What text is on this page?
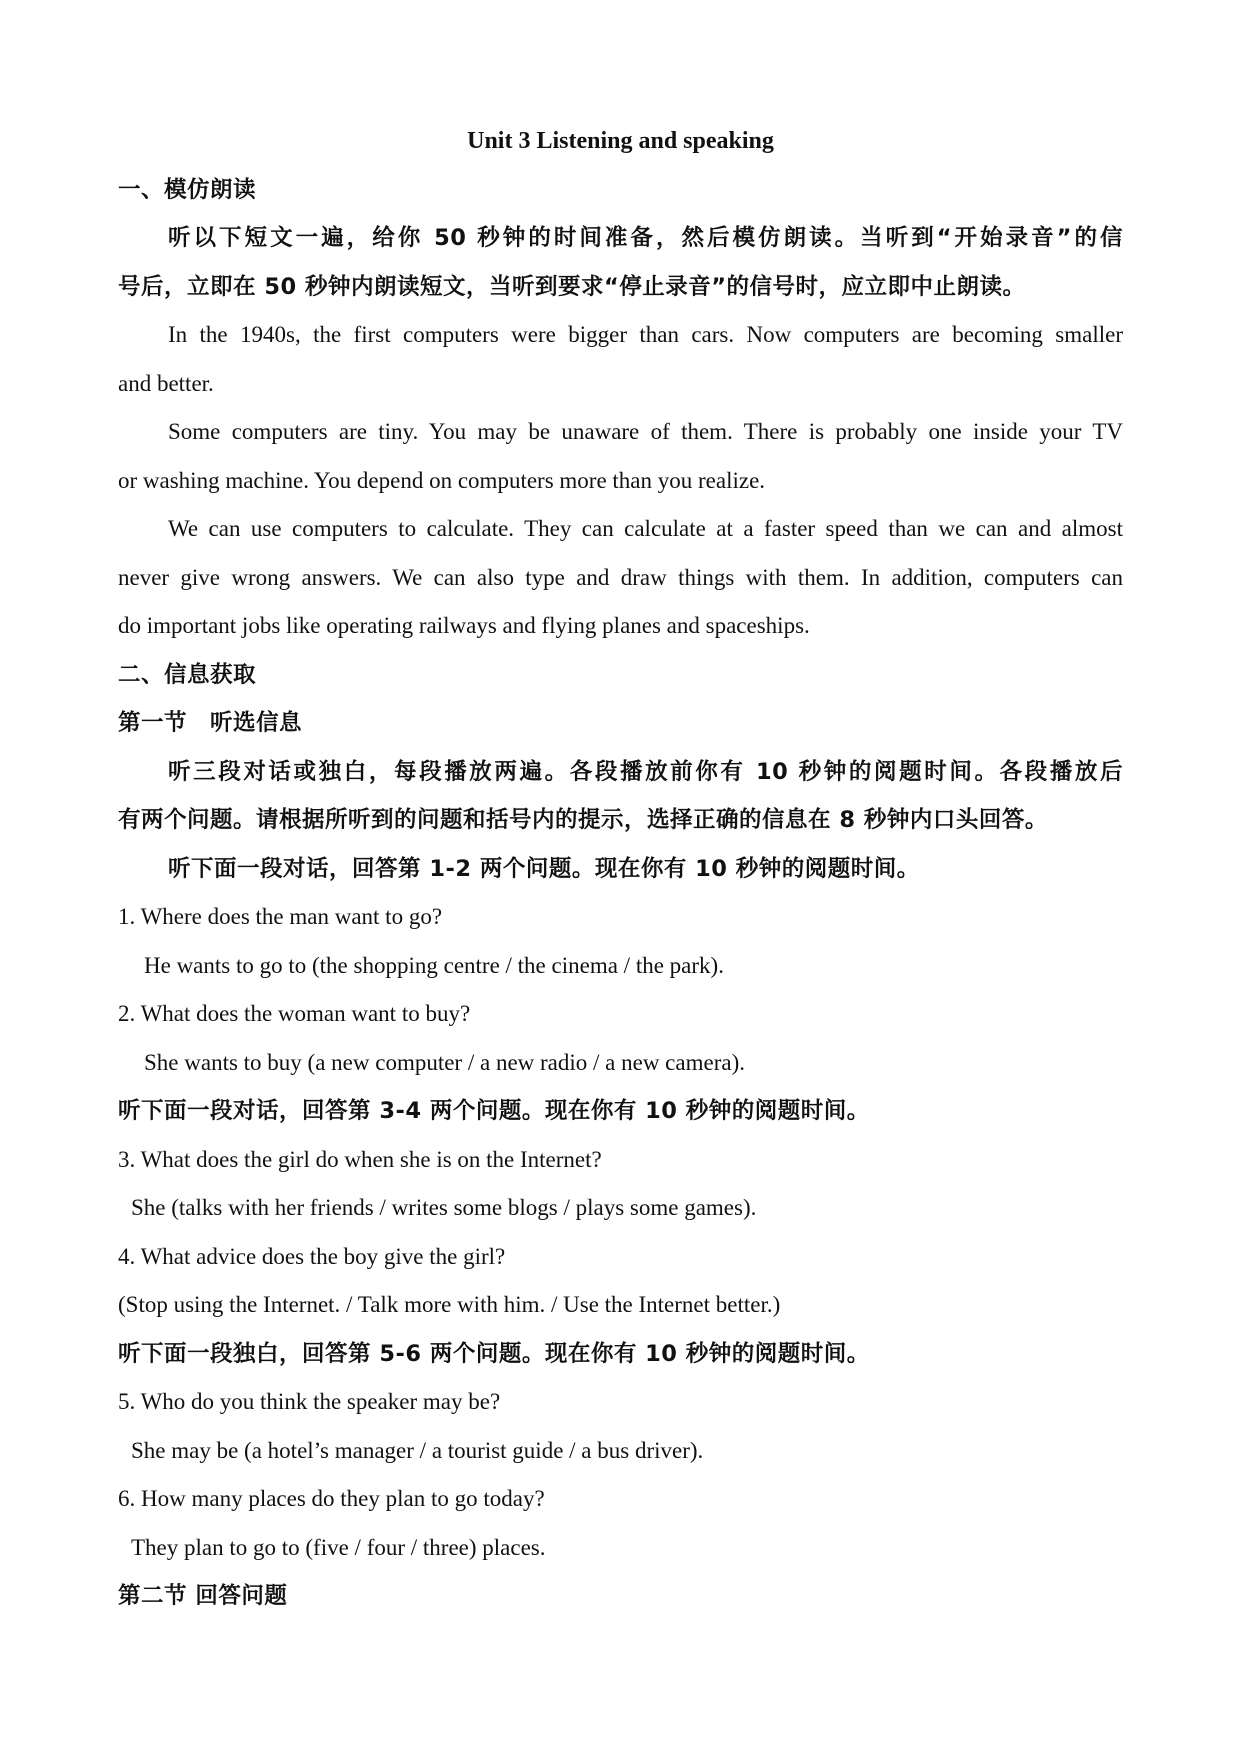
Unit 3 Listening and speaking
一、模仿朗读
听以下短文一遍，给你 50 秒钟的时间准备，然后模仿朗读。当听到“开始录音”的信
号后，立即在 50 秒钟内朗读短文，当听到要求“停止录音”的信号时，应立即中止朗读。
In the 1940s, the first computers were bigger than cars. Now computers are becoming smaller
and better.
Some computers are tiny. You may be unaware of them. There is probably one inside your TV
or washing machine. You depend on computers more than you realize.
We can use computers to calculate. They can calculate at a faster speed than we can and almost
never give wrong answers. We can also type and draw things with them. In addition, computers can
do important jobs like operating railways and flying planes and spaceships.
二、信息获取
第一节　听选信息
听三段对话或独白，每段播放两遍。各段播放前你有 10 秒钟的阅题时间。各段播放后
有两个问题。请根据所听到的问题和括号内的提示，选择正确的信息在 8 秒钟内口头回答。
听下面一段对话，回答第 1-2 两个问题。现在你有 10 秒钟的阅题时间。
1. Where does the man want to go?
He wants to go to (the shopping centre / the cinema / the park).
2. What does the woman want to buy?
She wants to buy (a new computer / a new radio / a new camera).
听下面一段对话，回答第 3-4 两个问题。现在你有 10 秒钟的阅题时间。
3. What does the girl do when she is on the Internet?
She (talks with her friends / writes some blogs / plays some games).
4. What advice does the boy give the girl?
(Stop using the Internet. / Talk more with him. / Use the Internet better.)
听下面一段独白，回答第 5-6 两个问题。现在你有 10 秒钟的阅题时间。
5. Who do you think the speaker may be?
She may be (a hotel’s manager / a tourist guide / a bus driver).
6. How many places do they plan to go today?
They plan to go to (five / four / three) places.
第二节 回答问题
